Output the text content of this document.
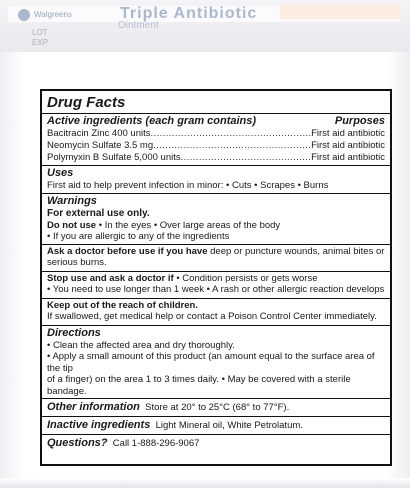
Walgreens	Triple Antibiotic
Ointment
LOT
EXP
Drug Facts
Active ingredients (each gram contains)	Purposes
Bacitracin Zinc 400 units .....	First aid antibiotic
Neomycin Sulfate 3.5 mg .....	First aid antibiotic
Polymyxin B Sulfate 5,000 units .....	First aid antibiotic
Uses
First aid to help prevent infection in minor: • Cuts • Scrapes • Burns
Warnings
For external use only.
Do not use • In the eyes • Over large areas of the body
• If you are allergic to any of the ingredients
Ask a doctor before use if you have deep or puncture wounds, animal bites or
serious burns.
Stop use and ask a doctor if • Condition persists or gets worse
• You need to use longer than 1 week • A rash or other allergic reaction develops
Keep out of the reach of children.
If swallowed, get medical help or contact a Poison Control Center immediately.
Directions
• Clean the affected area and dry thoroughly.
• Apply a small amount of this product (an amount equal to the surface area of the tip
of a finger) on the area 1 to 3 times daily. • May be covered with a sterile bandage.
Other information Store at 20° to 25°C (68° to 77°F).
Inactive ingredients Light Mineral oil, White Petrolatum.
Questions? Call 1-888-296-9067
